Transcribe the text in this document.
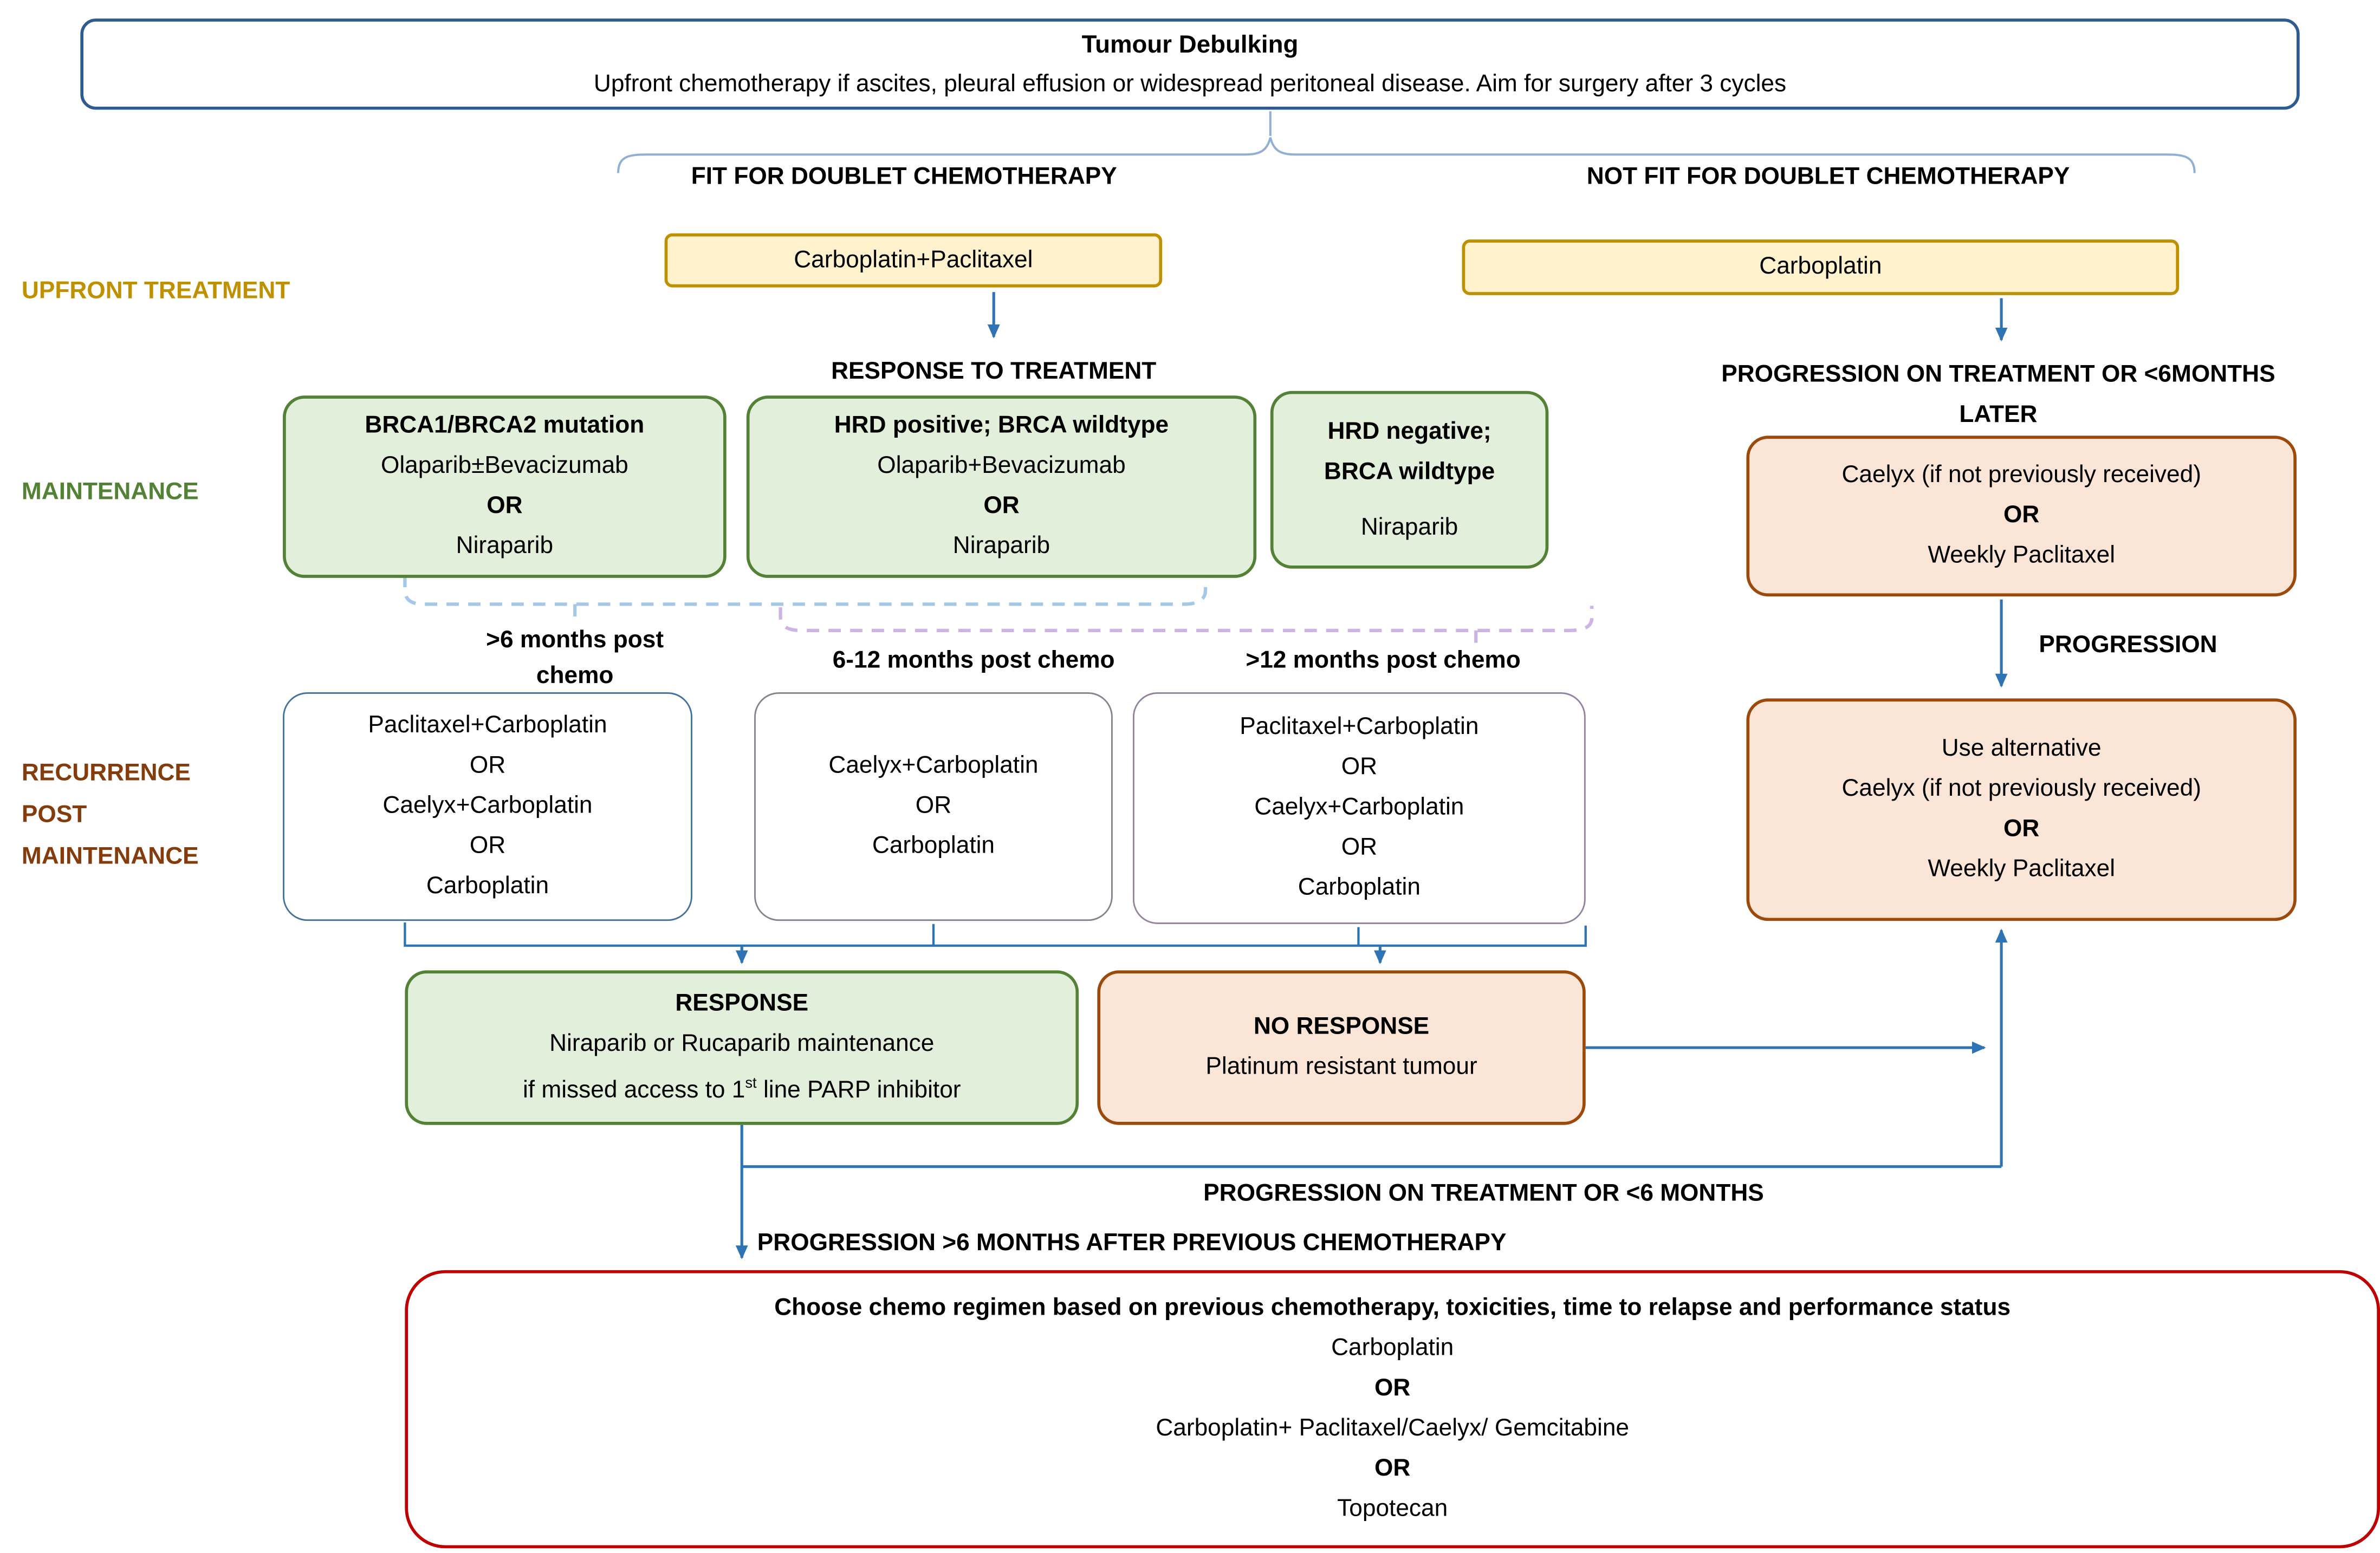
Tumour Debulking
Upfront chemotherapy if ascites, pleural effusion or widespread peritoneal disease. Aim for surgery after 3 cycles
FIT FOR DOUBLET CHEMOTHERAPY	NOT FIT FOR DOUBLET CHEMOTHERAPY
UPFRONT TREATMENT
MAINTENANCE
RECURRENCE
POST
MAINTENANCE
Carboplatin+Paclitaxel	Carboplatin
RESPONSE TO TREATMENT	PROGRESSION ON TREATMENT OR <6MONTHS
LATER
BRCA1/BRCA2 mutation
Olaparib±Bevacizumab
OR
Niraparib
HRD positive; BRCA wildtype
Olaparib+Bevacizumab
OR
Niraparib
HRD negative;
BRCA wildtype
Niraparib
Caelyx (if not previously received)
OR
Weekly Paclitaxel
PROGRESSION
>6 months post chemo
6-12 months post chemo	>12 months post chemo
Paclitaxel+Carboplatin
OR
Caelyx+Carboplatin
OR
Carboplatin
Caelyx+Carboplatin
OR
Carboplatin
Paclitaxel+Carboplatin
OR
Caelyx+Carboplatin
OR
Carboplatin
Use alternative
Caelyx (if not previously received)
OR
Weekly Paclitaxel
RESPONSE
Niraparib or Rucaparib maintenance
if missed access to 1st line PARP inhibitor
NO RESPONSE
Platinum resistant tumour
PROGRESSION ON TREATMENT OR <6 MONTHS
PROGRESSION >6 MONTHS AFTER PREVIOUS CHEMOTHERAPY
Choose chemo regimen based on previous chemotherapy, toxicities, time to relapse and performance status
Carboplatin
OR
Carboplatin+ Paclitaxel/Caelyx/ Gemcitabine
OR
Topotecan
